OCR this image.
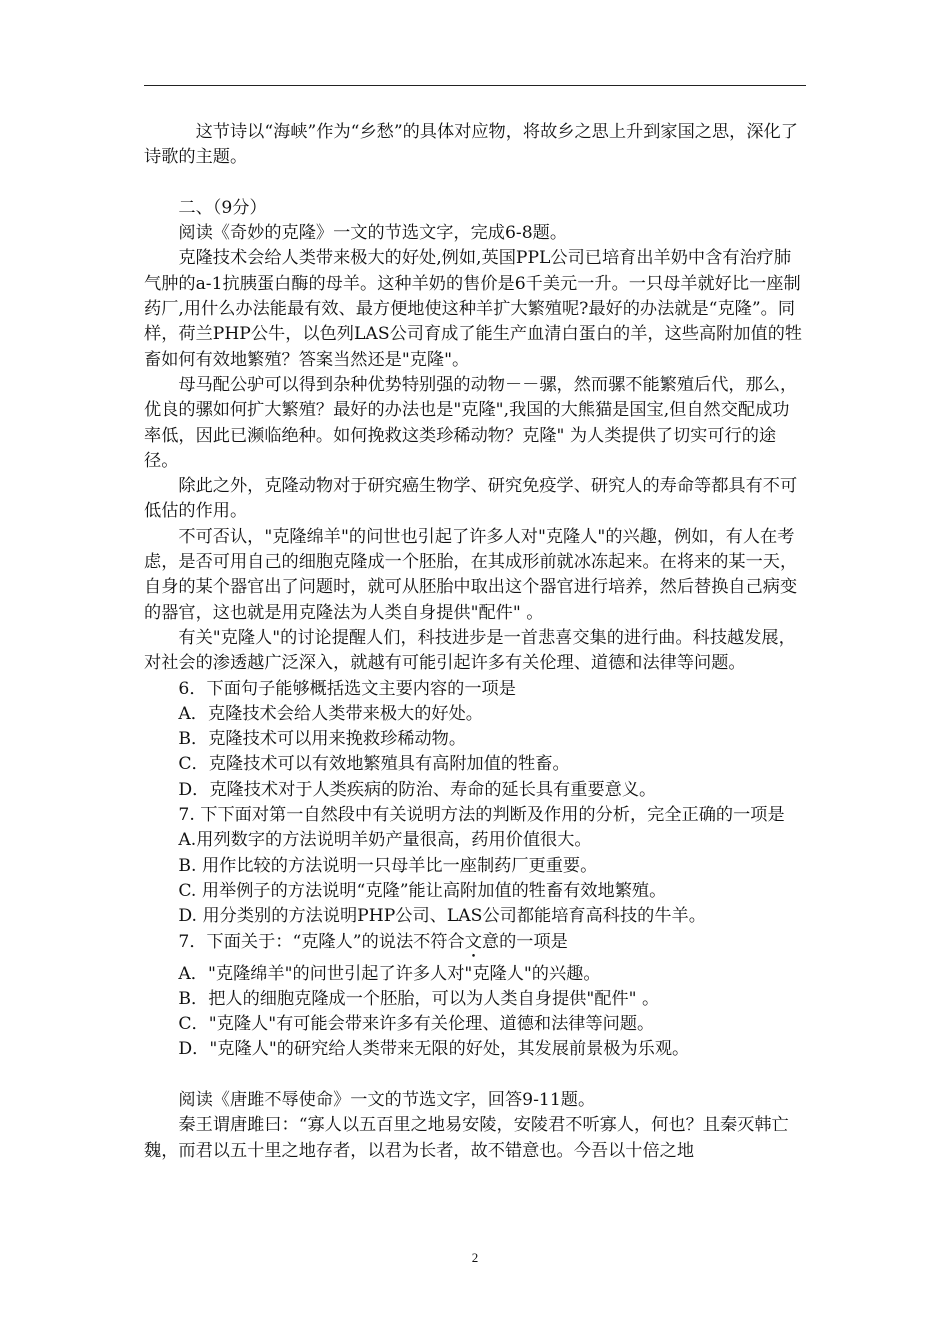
这节诗以“海峡”作为“乡愁”的具体对应物，将故乡之思上升到家国之思，深化了诗歌的主题。

二、（9分）

阅读《奇妙的克隆》一文的节选文字，完成6-8题。

克隆技术会给人类带来极大的好处,例如,英国PPL公司已培育出羊奶中含有治疗肺气肿的a-1抗胰蛋白酶的母羊。这种羊奶的售价是6千美元一升。一只母羊就好比一座制药厂,用什么办法能最有效、最方便地使这种羊扩大繁殖呢?最好的办法就是“克隆”。同样，荷兰PHP公牛，以色列LAS公司育成了能生产血清白蛋白的羊，这些高附加值的牲畜如何有效地繁殖？答案当然还是"克隆"。

母马配公驴可以得到杂种优势特别强的动物－－骡，然而骡不能繁殖后代，那么，优良的骡如何扩大繁殖？最好的办法也是"克隆",我国的大熊猫是国宝,但自然交配成功率低，因此已濒临绝种。如何挽救这类珍稀动物？克隆" 为人类提供了切实可行的途径。

除此之外，克隆动物对于研究癌生物学、研究免疫学、研究人的寿命等都具有不可低估的作用。

不可否认，"克隆绵羊"的问世也引起了许多人对"克隆人"的兴趣，例如，有人在考虑，是否可用自己的细胞克隆成一个胚胎，在其成形前就冰冻起来。在将来的某一天，自身的某个器官出了问题时，就可从胚胎中取出这个器官进行培养，然后替换自己病变的器官，这也就是用克隆法为人类自身提供"配件" 。

有关"克隆人"的讨论提醒人们，科技进步是一首悲喜交集的进行曲。科技越发展，对社会的渗透越广泛深入，就越有可能引起许多有关伦理、道德和法律等问题。

6．下面句子能够概括选文主要内容的一项是

A．克隆技术会给人类带来极大的好处。

B．克隆技术可以用来挽救珍稀动物。

C．克隆技术可以有效地繁殖具有高附加值的牲畜。

D．克隆技术对于人类疾病的防治、寿命的延长具有重要意义。

7. 下下面对第一自然段中有关说明方法的判断及作用的分析，完全正确的一项是

A.用列数字的方法说明羊奶产量很高，药用价值很大。

B. 用作比较的方法说明一只母羊比一座制药厂更重要。

C. 用举例子的方法说明“克隆”能让高附加值的牲畜有效地繁殖。

D. 用分类别的方法说明PHP公司、LAS公司都能培育高科技的牛羊。

7．下面关于：“克隆人”的说法不符合文意的一项是

A．"克隆绵羊"的问世引起了许多人对"克隆人"的兴趣。

B．把人的细胞克隆成一个胚胎，可以为人类自身提供"配件" 。

C．"克隆人"有可能会带来许多有关伦理、道德和法律等问题。

D．"克隆人"的研究给人类带来无限的好处，其发展前景极为乐观。

阅读《唐雎不辱使命》一文的节选文字，回答9-11题。

秦王谓唐雎曰：“寡人以五百里之地易安陵，安陵君不听寡人，何也？且秦灭韩亡魏，而君以五十里之地存者，以君为长者，故不错意也。今吾以十倍之地

2
